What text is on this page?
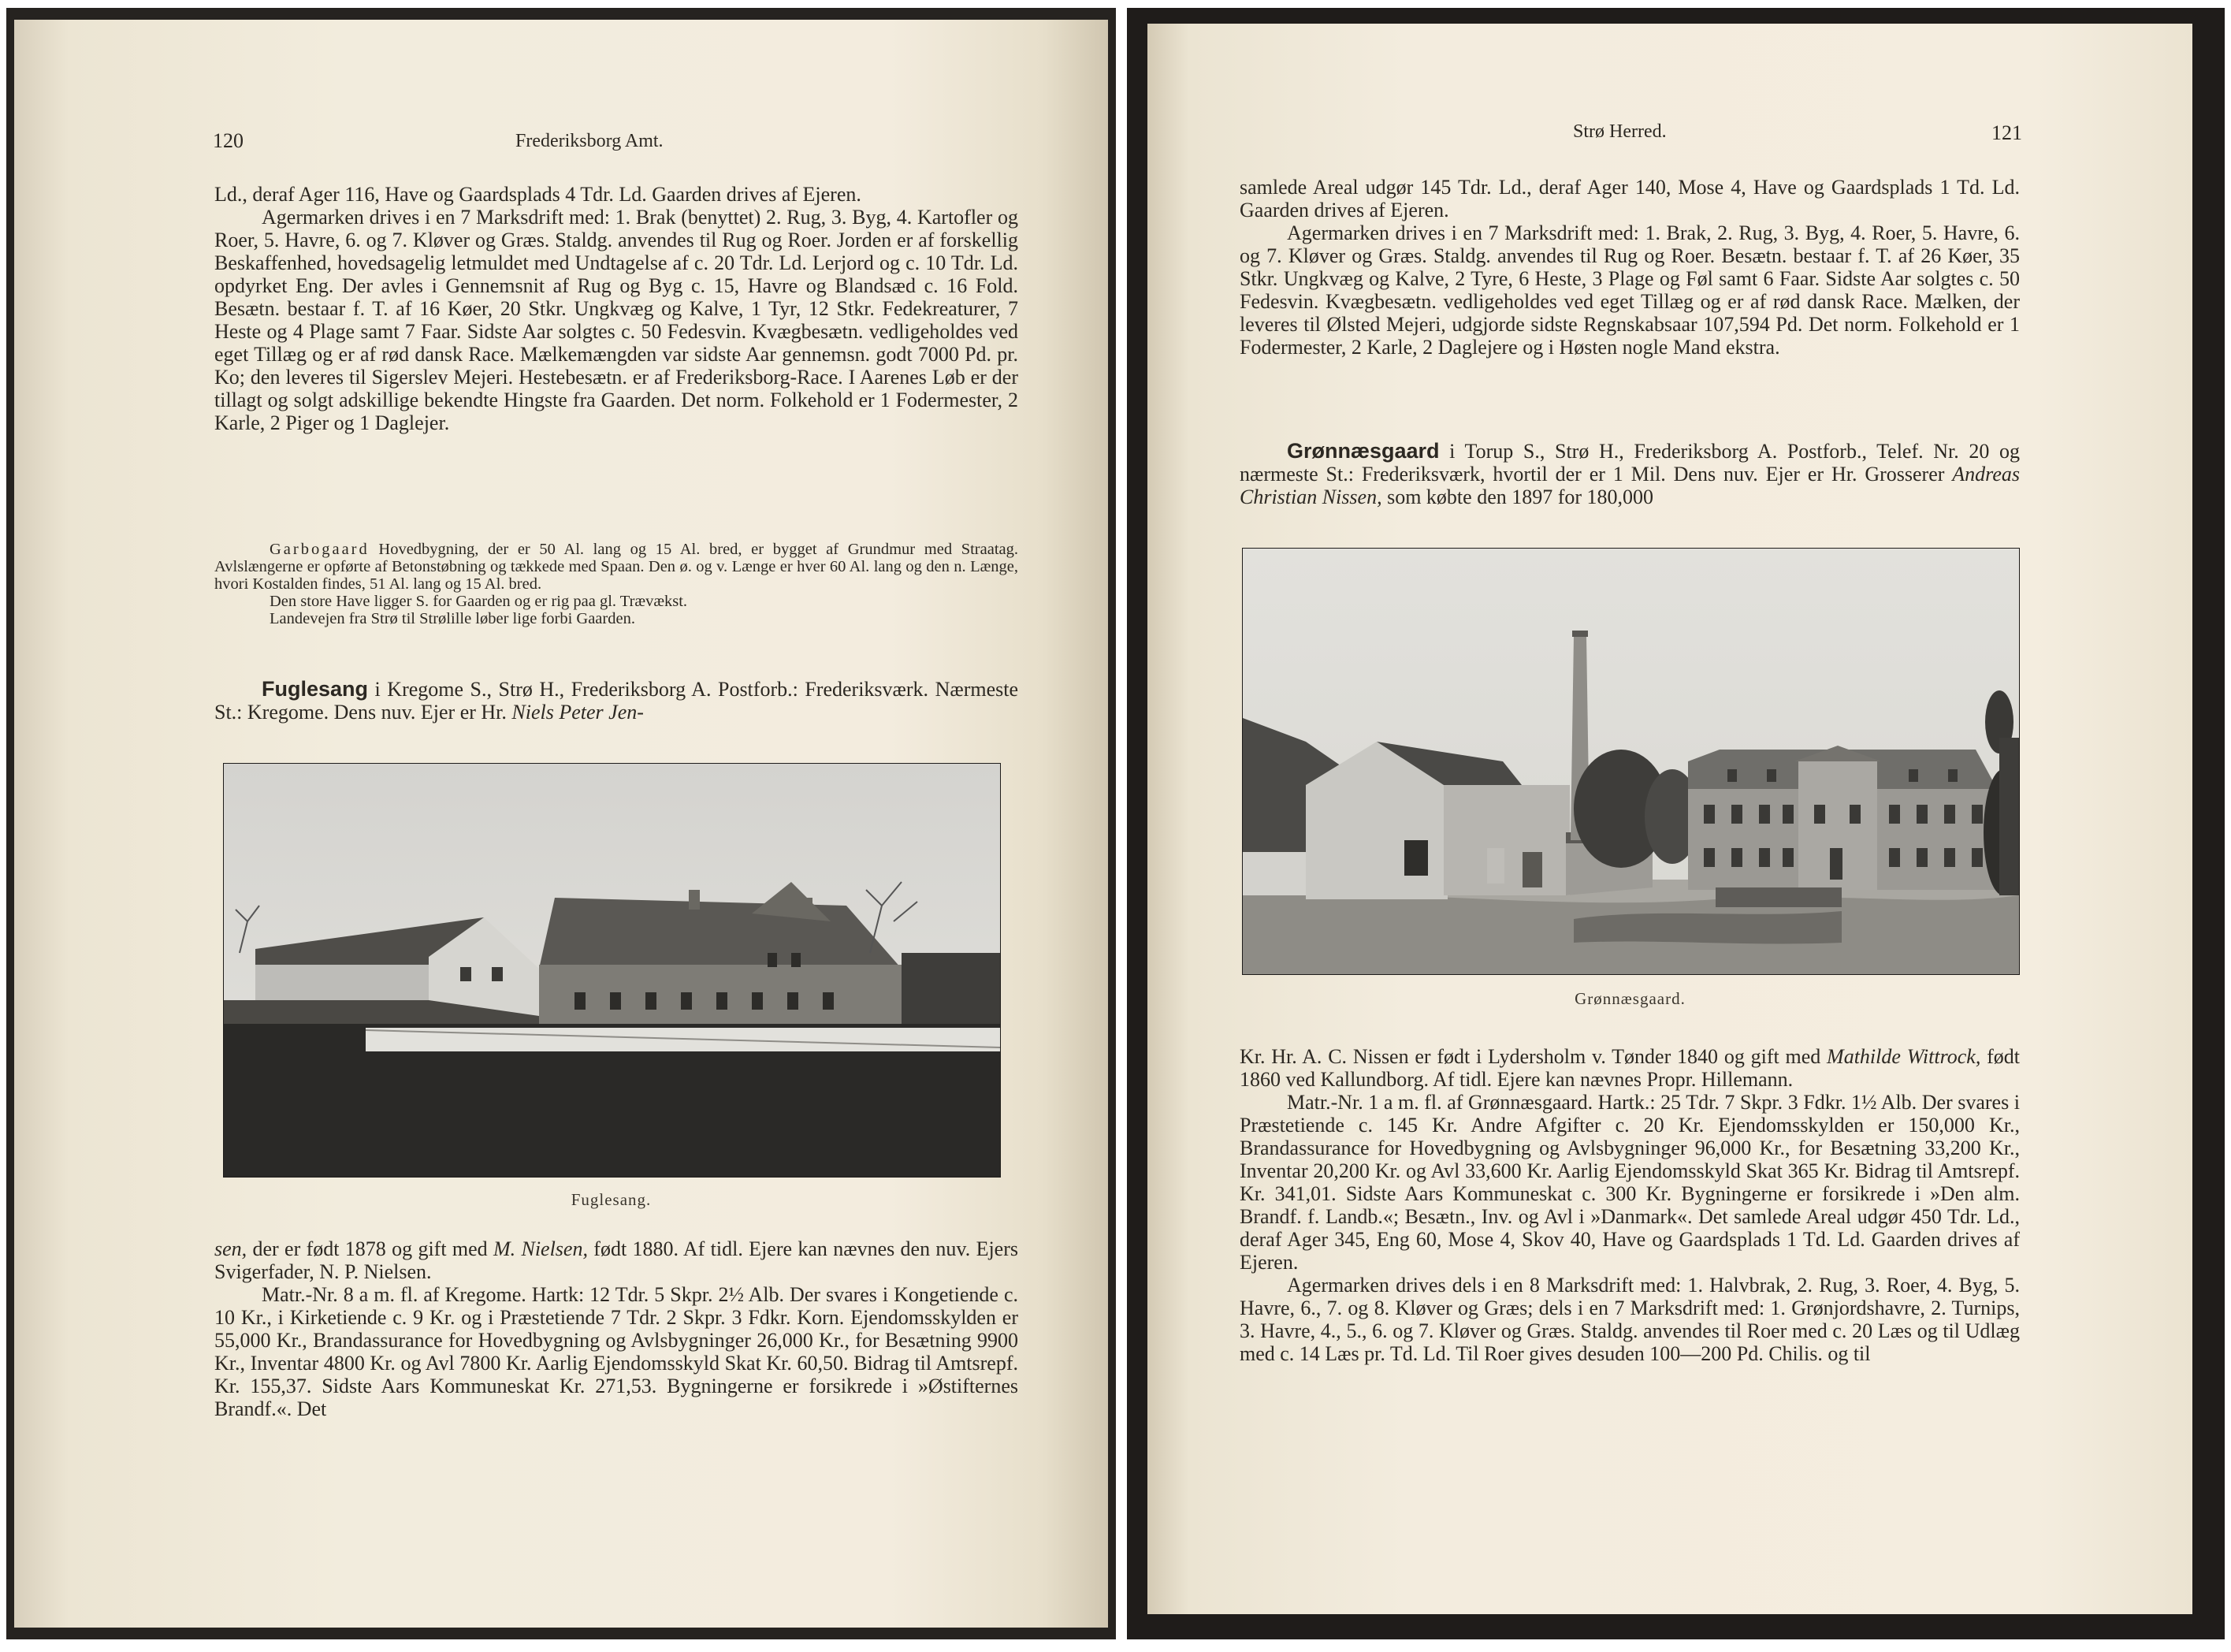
120	Frederiksborg Amt.

Ld., deraf Ager 116, Have og Gaardsplads 4 Tdr. Ld. Gaarden drives af Ejeren.

Agermarken drives i en 7 Marksdrift med: 1. Brak (benyttet) 2. Rug, 3. Byg, 4. Kartofler og Roer, 5. Havre, 6. og 7. Kløver og Græs. Staldg. anvendes til Rug og Roer. Jorden er af forskellig Beskaffenhed, hovedsagelig letmuldet med Undtagelse af c. 20 Tdr. Ld. Lerjord og c. 10 Tdr. Ld. opdyrket Eng. Der avles i Gennemsnit af Rug og Byg c. 15, Havre og Blandsæd c. 16 Fold. Besætn. bestaar f. T. af 16 Køer, 20 Stkr. Ungkvæg og Kalve, 1 Tyr, 12 Stkr. Fedekreaturer, 7 Heste og 4 Plage samt 7 Faar. Sidste Aar solgtes c. 50 Fedesvin. Kvægbesætn. vedligeholdes ved eget Tillæg og er af rød dansk Race. Mælkemængden var sidste Aar gennemsn. godt 7000 Pd. pr. Ko; den leveres til Sigerslev Mejeri. Hestebesætn. er af Frederiksborg-Race. I Aarenes Løb er der tillagt og solgt adskillige bekendte Hingste fra Gaarden. Det norm. Folkehold er 1 Fodermester, 2 Karle, 2 Piger og 1 Daglejer.

Garbogaard Hovedbygning, der er 50 Al. lang og 15 Al. bred, er bygget af Grundmur med Straatag. Avlslængerne er opførte af Betonstøbning og tækkede med Spaan. Den ø. og v. Længe er hver 60 Al. lang og den n. Længe, hvori Kostalden findes, 51 Al. lang og 15 Al. bred.

Den store Have ligger S. for Gaarden og er rig paa gl. Trævækst.

Landevejen fra Strø til Strølille løber lige forbi Gaarden.

Fuglesang i Kregome S., Strø H., Frederiksborg A. Postforb.: Frederiksværk. Nærmeste St.: Kregome. Dens nuv. Ejer er Hr. Niels Peter Jen-

Fuglesang.

sen, der er født 1878 og gift med M. Nielsen, født 1880. Af tidl. Ejere kan nævnes den nuv. Ejers Svigerfader, N. P. Nielsen.

Matr.-Nr. 8 a m. fl. af Kregome. Hartk: 12 Tdr. 5 Skpr. 2½ Alb. Der svares i Kongetiende c. 10 Kr., i Kirketiende c. 9 Kr. og i Præstetiende 7 Tdr. 2 Skpr. 3 Fdkr. Korn. Ejendomsskylden er 55,000 Kr., Brandassurance for Hovedbygning og Avlsbygninger 26,000 Kr., for Besætning 9900 Kr., Inventar 4800 Kr. og Avl 7800 Kr. Aarlig Ejendomsskyld Skat Kr. 60,50. Bidrag til Amtsrepf. Kr. 155,37. Sidste Aars Kommuneskat Kr. 271,53. Bygningerne er forsikrede i »Østifternes Brandf.«. Det

Strø Herred.	121

samlede Areal udgør 145 Tdr. Ld., deraf Ager 140, Mose 4, Have og Gaardsplads 1 Td. Ld. Gaarden drives af Ejeren.

Agermarken drives i en 7 Marksdrift med: 1. Brak, 2. Rug, 3. Byg, 4. Roer, 5. Havre, 6. og 7. Kløver og Græs. Staldg. anvendes til Rug og Roer. Besætn. bestaar f. T. af 26 Køer, 35 Stkr. Ungkvæg og Kalve, 2 Tyre, 6 Heste, 3 Plage og Føl samt 6 Faar. Sidste Aar solgtes c. 50 Fedesvin. Kvægbesætn. vedligeholdes ved eget Tillæg og er af rød dansk Race. Mælken, der leveres til Ølsted Mejeri, udgjorde sidste Regnskabsaar 107,594 Pd. Det norm. Folkehold er 1 Fodermester, 2 Karle, 2 Daglejere og i Høsten nogle Mand ekstra.

Grønnæsgaard i Torup S., Strø H., Frederiksborg A. Postforb., Telef. Nr. 20 og nærmeste St.: Frederiksværk, hvortil der er 1 Mil. Dens nuv. Ejer er Hr. Grosserer Andreas Christian Nissen, som købte den 1897 for 180,000

Grønnæsgaard.

Kr. Hr. A. C. Nissen er født i Lydersholm v. Tønder 1840 og gift med Mathilde Wittrock, født 1860 ved Kallundborg. Af tidl. Ejere kan nævnes Propr. Hillemann.

Matr.-Nr. 1 a m. fl. af Grønnæsgaard. Hartk.: 25 Tdr. 7 Skpr. 3 Fdkr. 1½ Alb. Der svares i Præstetiende c. 145 Kr. Andre Afgifter c. 20 Kr. Ejendomsskylden er 150,000 Kr., Brandassurance for Hovedbygning og Avlsbygninger 96,000 Kr., for Besætning 33,200 Kr., Inventar 20,200 Kr. og Avl 33,600 Kr. Aarlig Ejendomsskyld Skat 365 Kr. Bidrag til Amtsrepf. Kr. 341,01. Sidste Aars Kommuneskat c. 300 Kr. Bygningerne er forsikrede i »Den alm. Brandf. f. Landb.«; Besætn., Inv. og Avl i »Danmark«. Det samlede Areal udgør 450 Tdr. Ld., deraf Ager 345, Eng 60, Mose 4, Skov 40, Have og Gaardsplads 1 Td. Ld. Gaarden drives af Ejeren.

Agermarken drives dels i en 8 Marksdrift med: 1. Halvbrak, 2. Rug, 3. Roer, 4. Byg, 5. Havre, 6., 7. og 8. Kløver og Græs; dels i en 7 Marksdrift med: 1. Grønjordshavre, 2. Turnips, 3. Havre, 4., 5., 6. og 7. Kløver og Græs. Staldg. anvendes til Roer med c. 20 Læs og til Udlæg med c. 14 Læs pr. Td. Ld. Til Roer gives desuden 100—200 Pd. Chilis. og til
